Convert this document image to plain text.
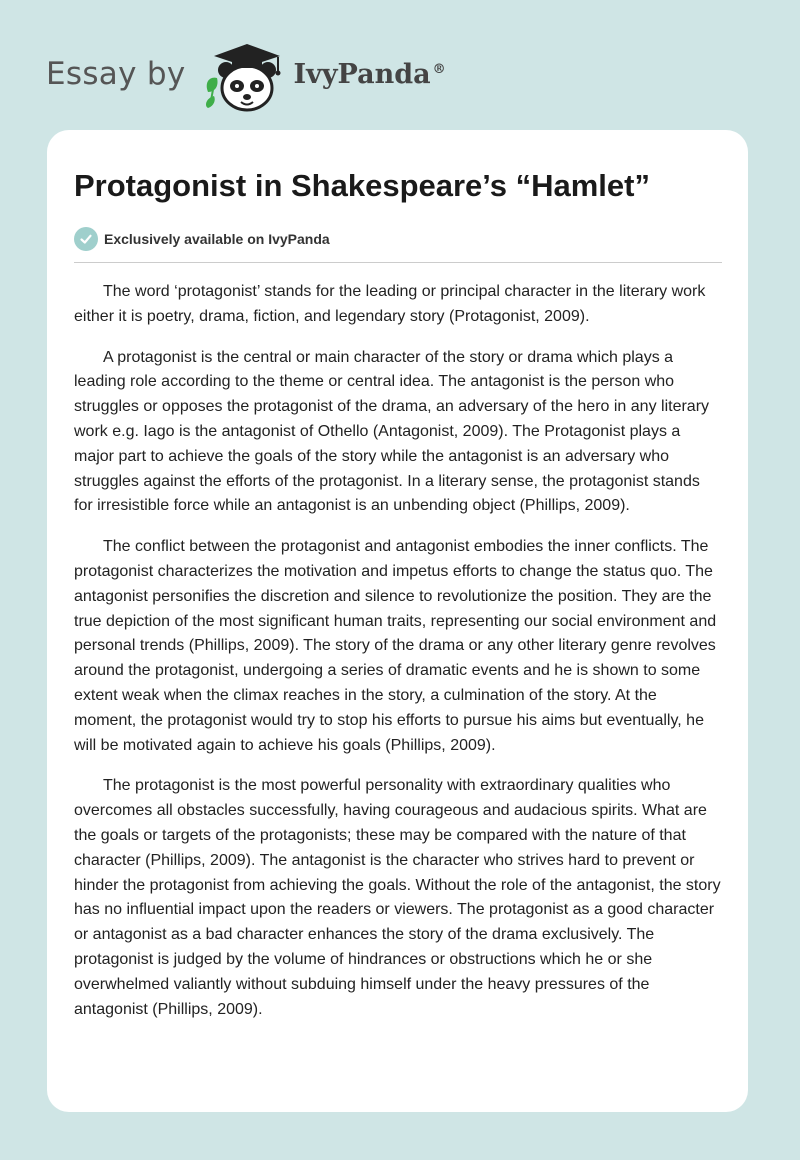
Essay by	IvyPanda ®
Protagonist in Shakespeare’s “Hamlet”
Exclusively available on IvyPanda

The word ‘protagonist’ stands for the leading or principal character in the literary work either it is poetry, drama, fiction, and legendary story (Protagonist, 2009).

A protagonist is the central or main character of the story or drama which plays a leading role according to the theme or central idea. The antagonist is the person who struggles or opposes the protagonist of the drama, an adversary of the hero in any literary work e.g. Iago is the antagonist of Othello (Antagonist, 2009). The Protagonist plays a major part to achieve the goals of the story while the antagonist is an adversary who struggles against the efforts of the protagonist. In a literary sense, the protagonist stands for irresistible force while an antagonist is an unbending object (Phillips, 2009).

The conflict between the protagonist and antagonist embodies the inner conflicts. The protagonist characterizes the motivation and impetus efforts to change the status quo. The antagonist personifies the discretion and silence to revolutionize the position. They are the true depiction of the most significant human traits, representing our social environment and personal trends (Phillips, 2009). The story of the drama or any other literary genre revolves around the protagonist, undergoing a series of dramatic events and he is shown to some extent weak when the climax reaches in the story, a culmination of the story. At the moment, the protagonist would try to stop his efforts to pursue his aims but eventually, he will be motivated again to achieve his goals (Phillips, 2009).

The protagonist is the most powerful personality with extraordinary qualities who overcomes all obstacles successfully, having courageous and audacious spirits. What are the goals or targets of the protagonists; these may be compared with the nature of that character (Phillips, 2009). The antagonist is the character who strives hard to prevent or hinder the protagonist from achieving the goals. Without the role of the antagonist, the story has no influential impact upon the readers or viewers. The protagonist as a good character or antagonist as a bad character enhances the story of the drama exclusively. The protagonist is judged by the volume of hindrances or obstructions which he or she overwhelmed valiantly without subduing himself under the heavy pressures of the antagonist (Phillips, 2009).
